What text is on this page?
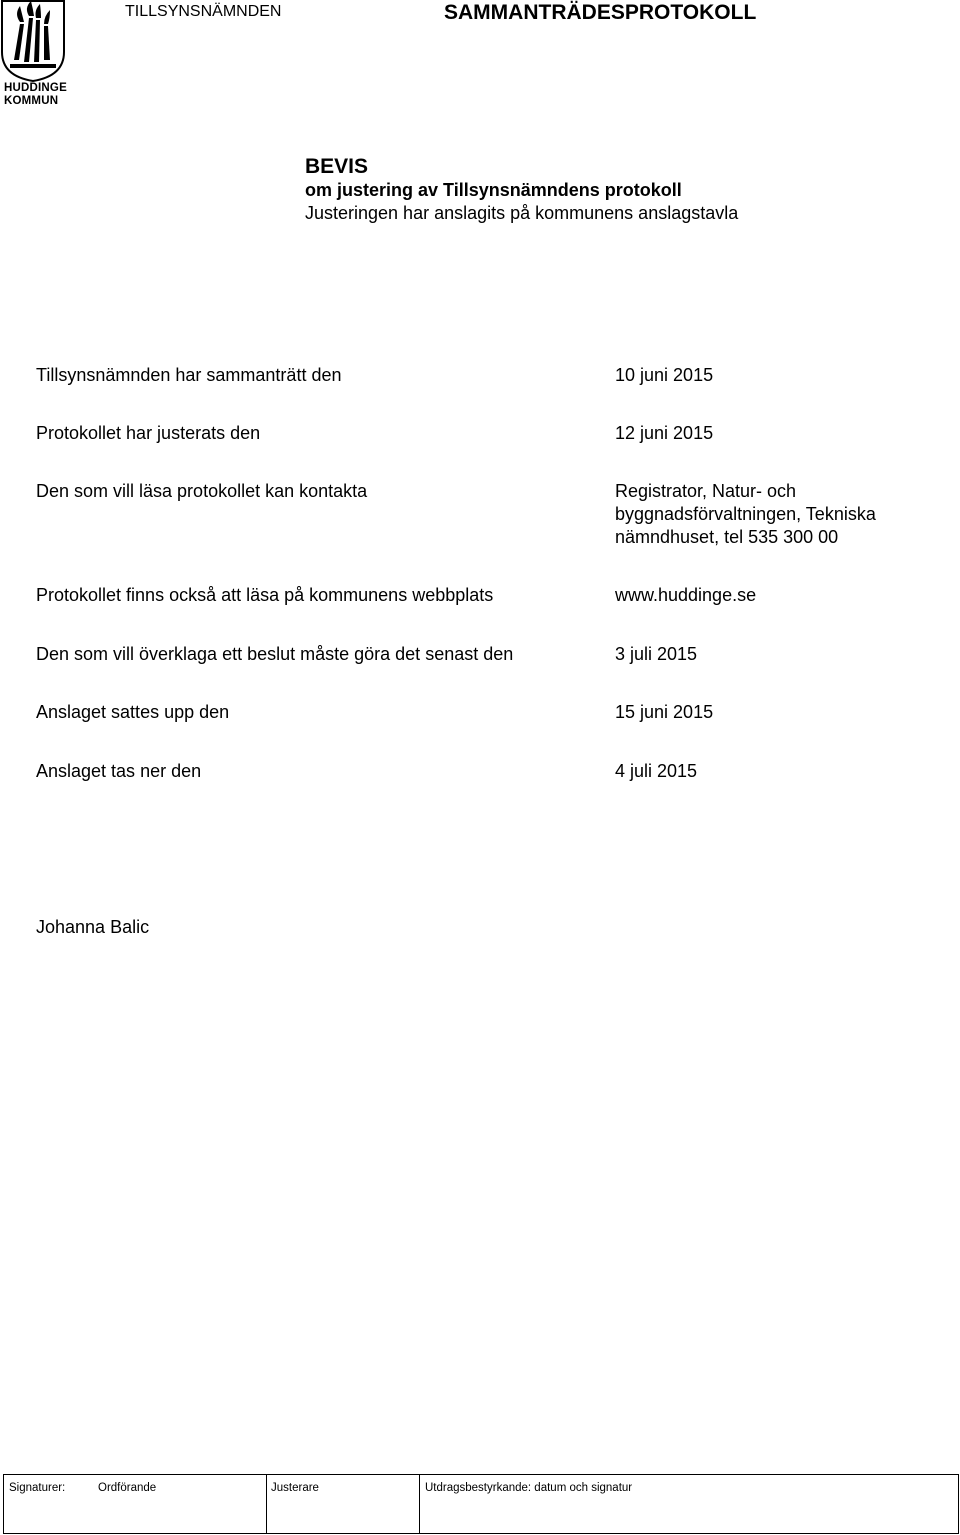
HUDDINGE
KOMMUN
TILLSYNSNÄMNDEN	SAMMANTRÄDESPROTOKOLL
BEVIS
om justering av Tillsynsnämndens protokoll
Justeringen har anslagits på kommunens anslagstavla
Tillsynsnämnden har sammanträtt den	10 juni 2015
Protokollet har justerats den	12 juni 2015
Den som vill läsa protokollet kan kontakta	Registrator, Natur- och byggnadsförvaltningen, Tekniska nämndhuset, tel 535 300 00
Protokollet finns också att läsa på kommunens webbplats	www.huddinge.se
Den som vill överklaga ett beslut måste göra det senast den	3 juli 2015
Anslaget sattes upp den	15 juni 2015
Anslaget tas ner den	4 juli 2015
Johanna Balic
Signaturer:	Ordförande	Justerare	Utdragsbestyrkande: datum och signatur
